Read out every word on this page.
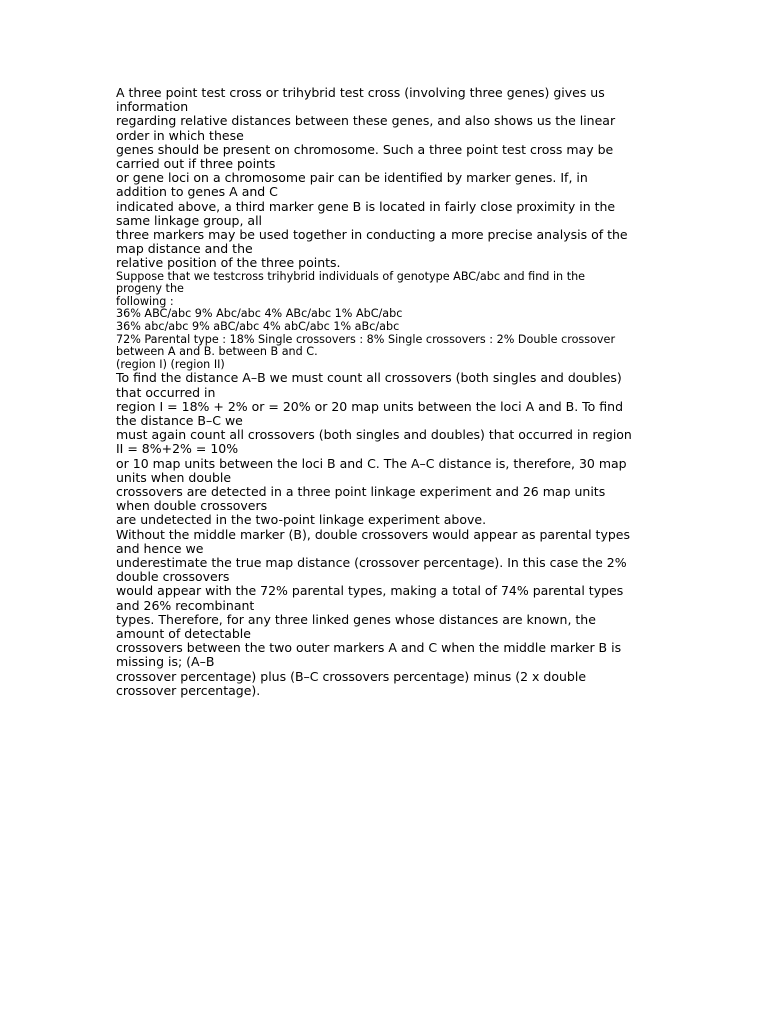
A three point test cross or trihybrid test cross (involving three genes) gives us
information
regarding relative distances between these genes, and also shows us the linear
order in which these
genes should be present on chromosome. Such a three point test cross may be
carried out if three points
or gene loci on a chromosome pair can be identified by marker genes. If, in
addition to genes A and C
indicated above, a third marker gene B is located in fairly close proximity in the
same linkage group, all
three markers may be used together in conducting a more precise analysis of the
map distance and the
relative position of the three points.
Suppose that we testcross trihybrid individuals of genotype ABC/abc and find in the
progeny the
following :
36% ABC/abc 9% Abc/abc 4% ABc/abc 1% AbC/abc
36% abc/abc 9% aBC/abc 4% abC/abc 1% aBc/abc
72% Parental type : 18% Single crossovers : 8% Single crossovers : 2% Double crossover
between A and B. between B and C.
(region I) (region II)
To find the distance A–B we must count all crossovers (both singles and doubles)
that occurred in
region I = 18% + 2% or = 20% or 20 map units between the loci A and B. To find
the distance B–C we
must again count all crossovers (both singles and doubles) that occurred in region
II = 8%+2% = 10%
or 10 map units between the loci B and C. The A–C distance is, therefore, 30 map
units when double
crossovers are detected in a three point linkage experiment and 26 map units
when double crossovers
are undetected in the two-point linkage experiment above.
Without the middle marker (B), double crossovers would appear as parental types
and hence we
underestimate the true map distance (crossover percentage). In this case the 2%
double crossovers
would appear with the 72% parental types, making a total of 74% parental types
and 26% recombinant
types. Therefore, for any three linked genes whose distances are known, the
amount of detectable
crossovers between the two outer markers A and C when the middle marker B is
missing is; (A–B
crossover percentage) plus (B–C crossovers percentage) minus (2 x double
crossover percentage).
